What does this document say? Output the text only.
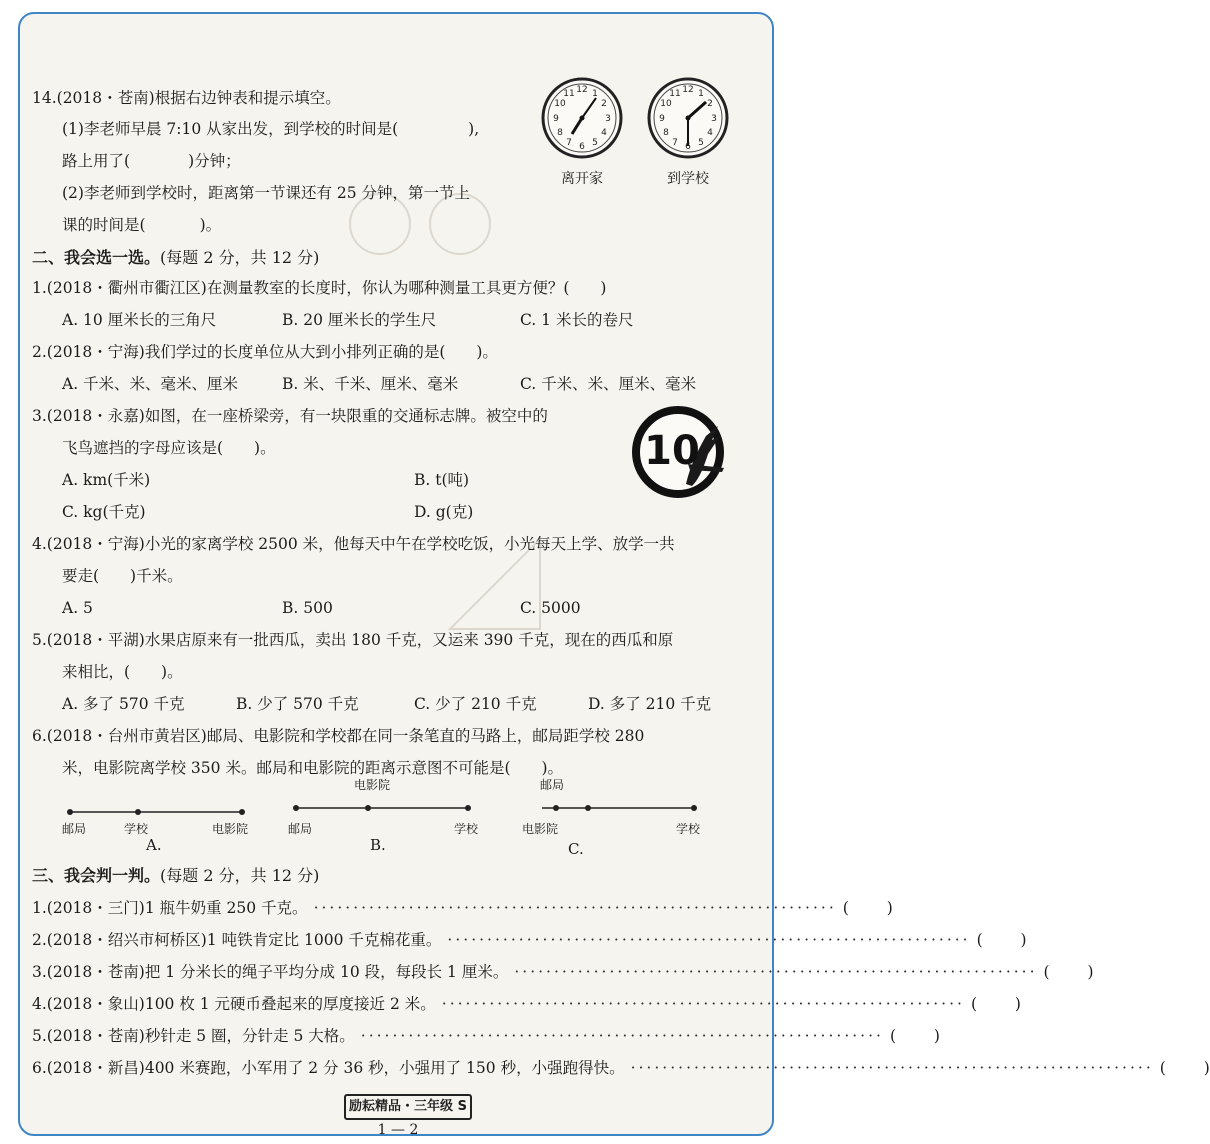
14.(2018・苍南)根据右边钟表和提示填空。
(1)李老师早晨 7:10 从家出发，到学校的时间是(	),
路上用了(	)分钟；
(2)李老师到学校时，距离第一节课还有 25 分钟，第一节上
课的时间是(	)。
12 1
2
3
4
5
6
7
8
9
10
11
离开家
12 1
2
3
4
5
6
7
8
9
10
11
到学校
二、我会选一选。(每题 2 分，共 12 分)
1.(2018・衢州市衢江区)在测量教室的长度时，你认为哪种测量工具更方便？(　　)
A. 10 厘米长的三角尺	B. 20 厘米长的学生尺	C. 1 米长的卷尺
2.(2018・宁海)我们学过的长度单位从大到小排列正确的是(　　)。
A. 千米、米、毫米、厘米	B. 米、千米、厘米、毫米	C. 千米、米、厘米、毫米
3.(2018・永嘉)如图，在一座桥梁旁，有一块限重的交通标志牌。被空中的
飞鸟遮挡的字母应该是(　　)。
A. km(千米)	B. t(吨)
C. kg(千克)	D. g(克)
10
4.(2018・宁海)小光的家离学校 2500 米，他每天中午在学校吃饭，小光每天上学、放学一共
要走(　　)千米。
A. 5	B. 500	C. 5000
5.(2018・平湖)水果店原来有一批西瓜，卖出 180 千克，又运来 390 千克，现在的西瓜和原
来相比，(　　)。
A. 多了 570 千克	B. 少了 570 千克	C. 少了 210 千克	D. 多了 210 千克
6.(2018・台州市黄岩区)邮局、电影院和学校都在同一条笔直的马路上，邮局距学校 280
米，电影院离学校 350 米。邮局和电影院的距离示意图不可能是(　　)。
邮局	学校	电影院
A.
电影院
邮局	学校
B.
邮局
电影院	学校
C.
三、我会判一判。(每题 2 分，共 12 分)
1.(2018・三门)1 瓶牛奶重 250 千克。 ·································································· ( )
2.(2018・绍兴市柯桥区)1 吨铁肯定比 1000 千克棉花重。 ·································································· ( )
3.(2018・苍南)把 1 分米长的绳子平均分成 10 段，每段长 1 厘米。 ·································································· ( )
4.(2018・象山)100 枚 1 元硬币叠起来的厚度接近 2 米。 ·································································· ( )
5.(2018・苍南)秒针走 5 圈，分针走 5 大格。 ·································································· ( )
6.(2018・新昌)400 米赛跑，小军用了 2 分 36 秒，小强用了 150 秒，小强跑得快。 ·································································· ( )
励耘精品・三年级 S
1 — 2
